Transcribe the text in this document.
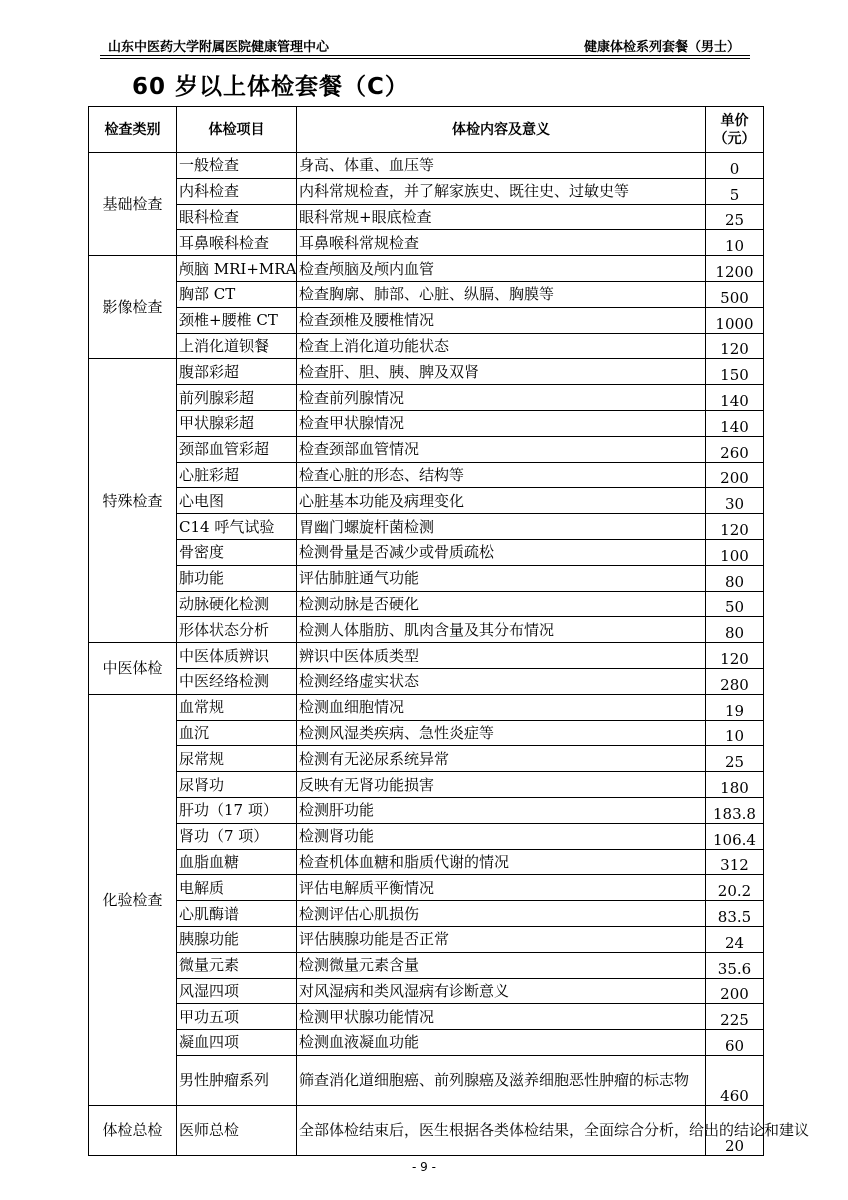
山东中医药大学附属医院健康管理中心	健康体检系列套餐（男士）
60 岁以上体检套餐（C）
检查类别	体检项目	体检内容及意义	单价（元）
基础检查	一般检查	身高、体重、血压等	0
	内科检查	内科常规检查，并了解家族史、既往史、过敏史等	5
	眼科检查	眼科常规+眼底检查	25
	耳鼻喉科检查	耳鼻喉科常规检查	10
影像检查	颅脑 MRI+MRA	检查颅脑及颅内血管	1200
	胸部 CT	检查胸廓、肺部、心脏、纵膈、胸膜等	500
	颈椎+腰椎 CT	检查颈椎及腰椎情况	1000
	上消化道钡餐	检查上消化道功能状态	120
特殊检查	腹部彩超	检查肝、胆、胰、脾及双肾	150
	前列腺彩超	检查前列腺情况	140
	甲状腺彩超	检查甲状腺情况	140
	颈部血管彩超	检查颈部血管情况	260
	心脏彩超	检查心脏的形态、结构等	200
	心电图	心脏基本功能及病理变化	30
	C14 呼气试验	胃幽门螺旋杆菌检测	120
	骨密度	检测骨量是否减少或骨质疏松	100
	肺功能	评估肺脏通气功能	80
	动脉硬化检测	检测动脉是否硬化	50
	形体状态分析	检测人体脂肪、肌肉含量及其分布情况	80
中医体检	中医体质辨识	辨识中医体质类型	120
	中医经络检测	检测经络虚实状态	280
化验检查	血常规	检测血细胞情况	19
	血沉	检测风湿类疾病、急性炎症等	10
	尿常规	检测有无泌尿系统异常	25
	尿肾功	反映有无肾功能损害	180
	肝功（17 项）	检测肝功能	183.8
	肾功（7 项）	检测肾功能	106.4
	血脂血糖	检查机体血糖和脂质代谢的情况	312
	电解质	评估电解质平衡情况	20.2
	心肌酶谱	检测评估心肌损伤	83.5
	胰腺功能	评估胰腺功能是否正常	24
	微量元素	检测微量元素含量	35.6
	风湿四项	对风湿病和类风湿病有诊断意义	200
	甲功五项	检测甲状腺功能情况	225
	凝血四项	检测血液凝血功能	60
	男性肿瘤系列	筛查消化道细胞癌、前列腺癌及滋养细胞恶性肿瘤的标志物	460
体检总检	医师总检	全部体检结束后，医生根据各类体检结果，全面综合分析，给出的结论和建议	20
- 9 -
